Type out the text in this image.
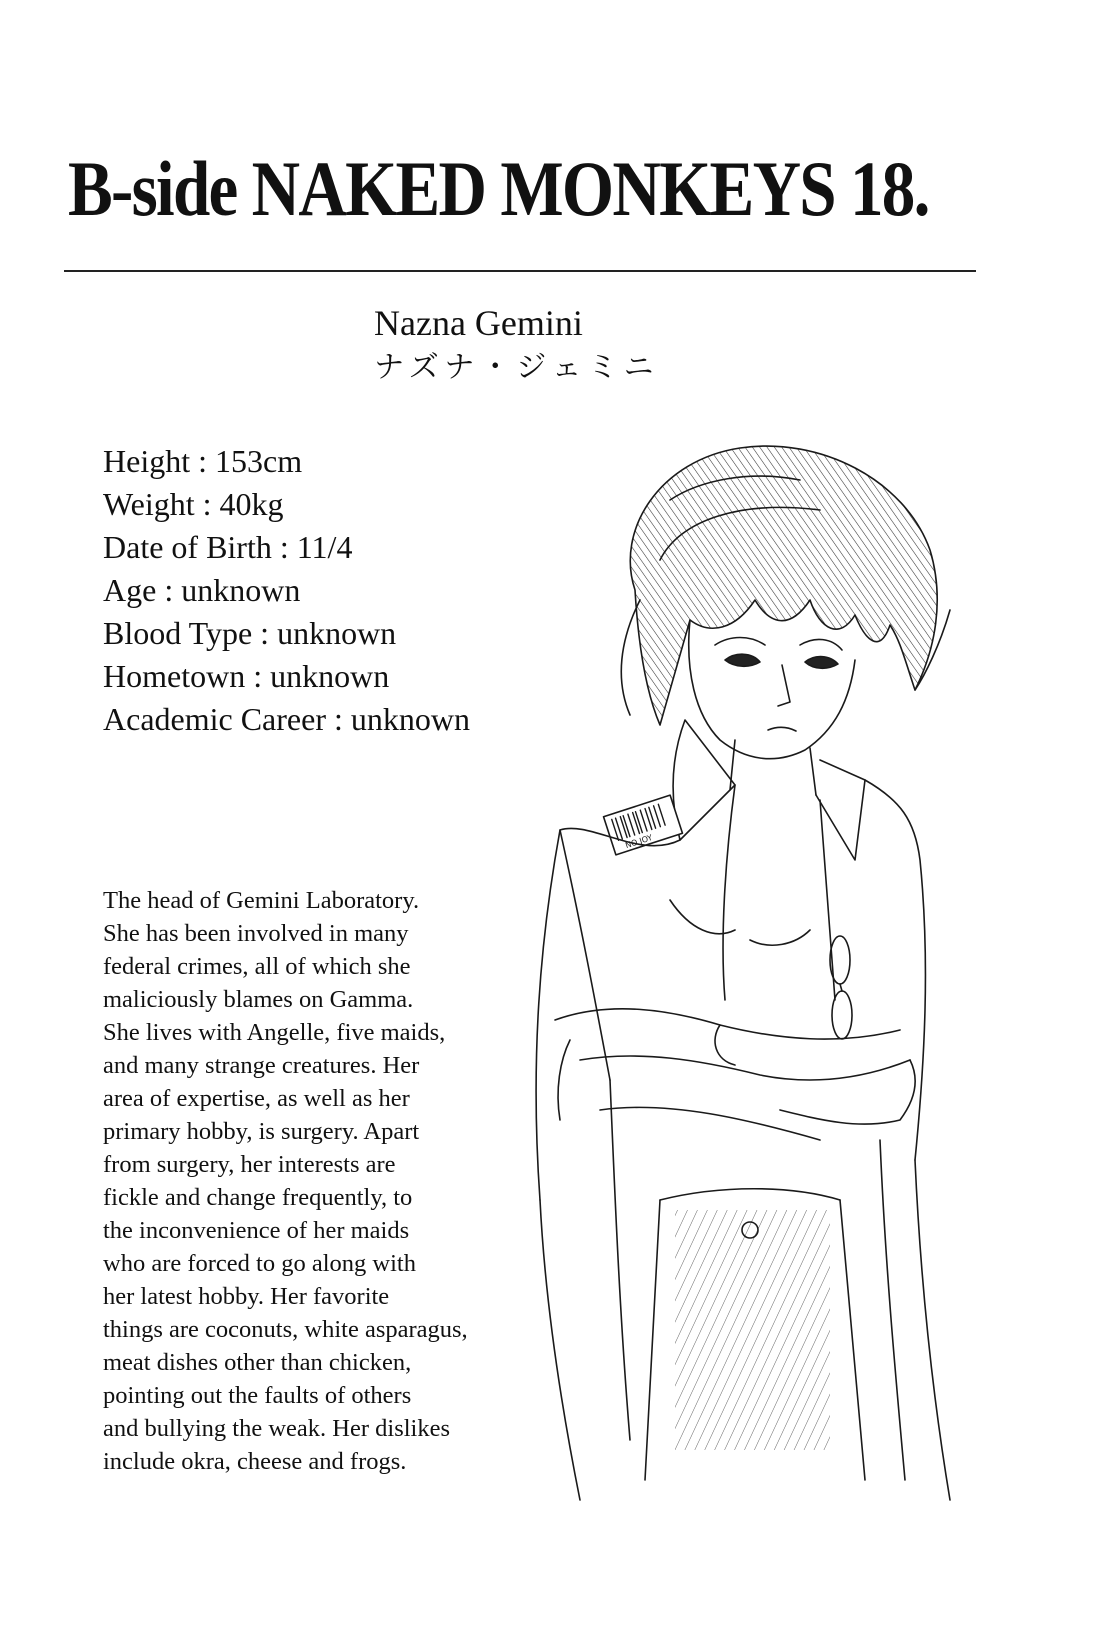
B-side NAKED MONKEYS 18.
Nazna Gemini
ナズナ・ジェミニ
Height : 153cm
Weight : 40kg
Date of Birth : 11/4
Age : unknown
Blood Type : unknown
Hometown : unknown
Academic Career : unknown
The head of Gemini Laboratory.
She has been involved in many
federal crimes, all of which she
maliciously blames on Gamma.
She lives with Angelle, five maids,
and many strange creatures. Her
area of expertise, as well as her
primary hobby, is surgery. Apart
from surgery, her interests are
fickle and change frequently, to
the inconvenience of her maids
who are forced to go along with
her latest hobby. Her favorite
things are coconuts, white asparagus,
meat dishes other than chicken,
pointing out the faults of others
and bullying the weak. Her dislikes
include okra, cheese and frogs.
NO JOY
